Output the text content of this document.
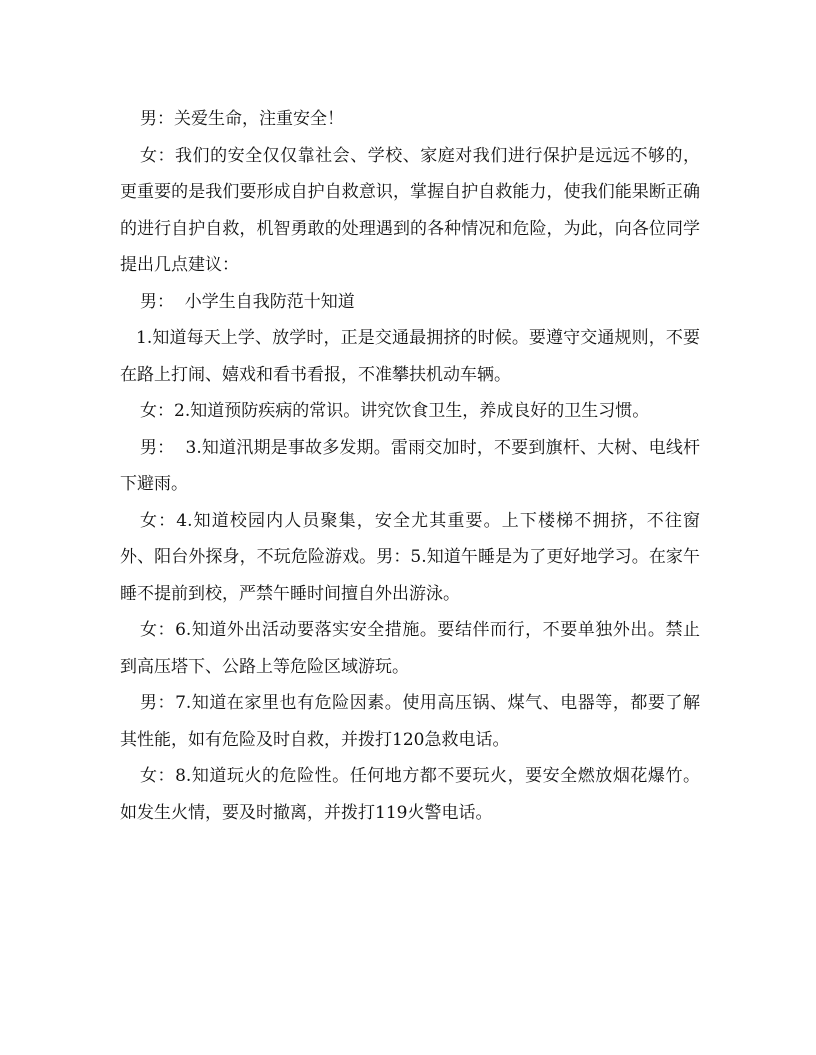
男：关爱生命，注重安全！

女：我们的安全仅仅靠社会、学校、家庭对我们进行保护是远远不够的，更重要的是我们要形成自护自救意识，掌握自护自救能力，使我们能果断正确的进行自护自救，机智勇敢的处理遇到的各种情况和危险，为此，向各位同学提出几点建议：

男：  小学生自我防范十知道

1.知道每天上学、放学时，正是交通最拥挤的时候。要遵守交通规则，不要在路上打闹、嬉戏和看书看报，不准攀扶机动车辆。

女：2.知道预防疾病的常识。讲究饮食卫生，养成良好的卫生习惯。

男：  3.知道汛期是事故多发期。雷雨交加时，不要到旗杆、大树、电线杆下避雨。

女：4.知道校园内人员聚集，安全尤其重要。上下楼梯不拥挤，不往窗外、阳台外探身，不玩危险游戏。男：5.知道午睡是为了更好地学习。在家午睡不提前到校，严禁午睡时间擅自外出游泳。

女：6.知道外出活动要落实安全措施。要结伴而行，不要单独外出。禁止到高压塔下、公路上等危险区域游玩。

男：7.知道在家里也有危险因素。使用高压锅、煤气、电器等，都要了解其性能，如有危险及时自救，并拨打120急救电话。

女：8.知道玩火的危险性。任何地方都不要玩火，要安全燃放烟花爆竹。如发生火情，要及时撤离，并拨打119火警电话。
